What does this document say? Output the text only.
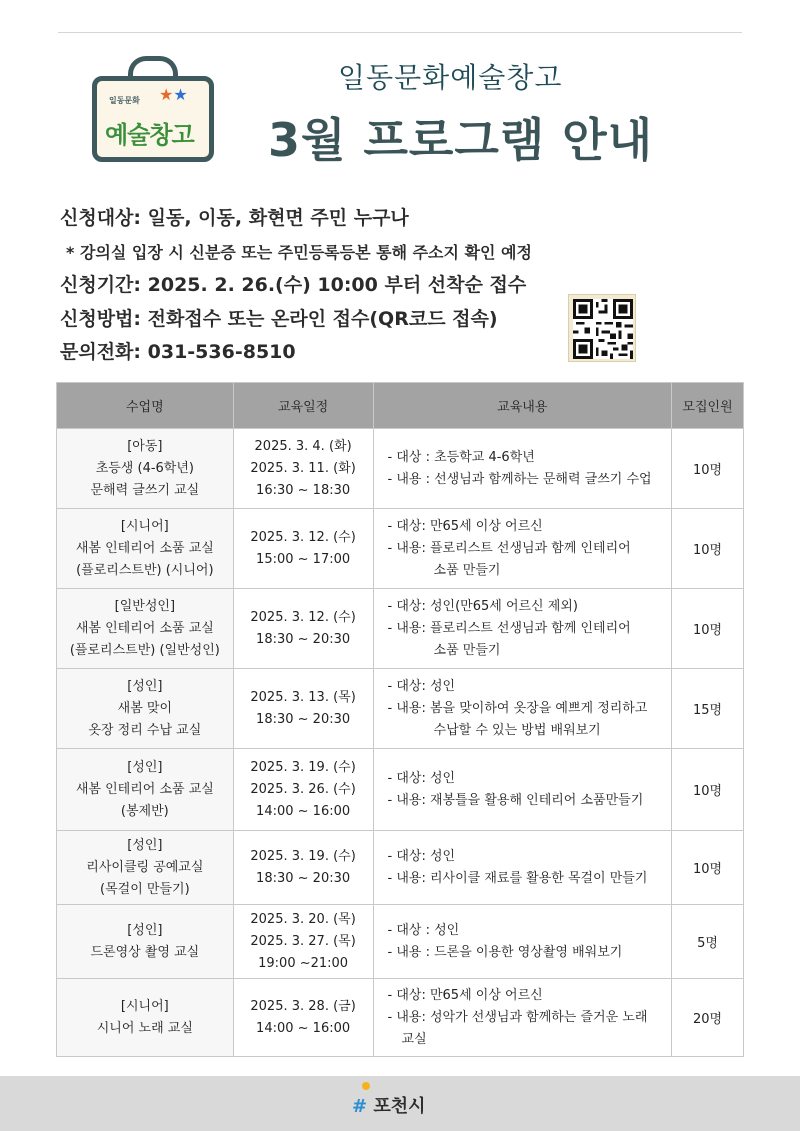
일동문화 ★★
예술창고
일동문화예술창고
3월 프로그램 안내
신청대상: 일동, 이동, 화현면 주민 누구나
* 강의실 입장 시 신분증 또는 주민등록등본 통해 주소지 확인 예정
신청기간: 2025. 2. 26.(수) 10:00 부터 선착순 접수
신청방법: 전화접수 또는 온라인 접수(QR코드 접속)
문의전화: 031-536-8510
수업명	교육일정	교육내용	모집인원

[아동]
초등생 (4-6학년)
문해력 글쓰기 교실	2025. 3. 4. (화)
2025. 3. 11. (화)
16:30 ~ 18:30	- 대상 : 초등학교 4-6학년
- 내용 : 선생님과 함께하는 문해력 글쓰기 수업	10명

[시니어]
새봄 인테리어 소품 교실
(플로리스트반) (시니어)	2025. 3. 12. (수)
15:00 ~ 17:00	- 대상: 만65세 이상 어르신
- 내용: 플로리스트 선생님과 함께 인테리어
소품 만들기	10명

[일반성인]
새봄 인테리어 소품 교실
(플로리스트반) (일반성인)	2025. 3. 12. (수)
18:30 ~ 20:30	- 대상: 성인(만65세 어르신 제외)
- 내용: 플로리스트 선생님과 함께 인테리어
소품 만들기	10명

[성인]
새봄 맞이
옷장 정리 수납 교실	2025. 3. 13. (목)
18:30 ~ 20:30	- 대상: 성인
- 내용: 봄을 맞이하여 옷장을 예쁘게 정리하고
수납할 수 있는 방법 배워보기	15명

[성인]
새봄 인테리어 소품 교실
(봉제반)	2025. 3. 19. (수)
2025. 3. 26. (수)
14:00 ~ 16:00	- 대상: 성인
- 내용: 재봉틀을 활용해 인테리어 소품만들기	10명

[성인]
리사이클링 공예교실
(목걸이 만들기)	2025. 3. 19. (수)
18:30 ~ 20:30	- 대상: 성인
- 내용: 리사이클 재료를 활용한 목걸이 만들기	10명

[성인]
드론영상 촬영 교실	2025. 3. 20. (목)
2025. 3. 27. (목)
19:00 ~21:00	- 대상 : 성인
- 내용 : 드론을 이용한 영상촬영 배워보기	5명

[시니어]
시니어 노래 교실	2025. 3. 28. (금)
14:00 ~ 16:00	- 대상: 만65세 이상 어르신
- 내용: 성악가 선생님과 함께하는 즐거운 노래
교실	20명
# 포천시
